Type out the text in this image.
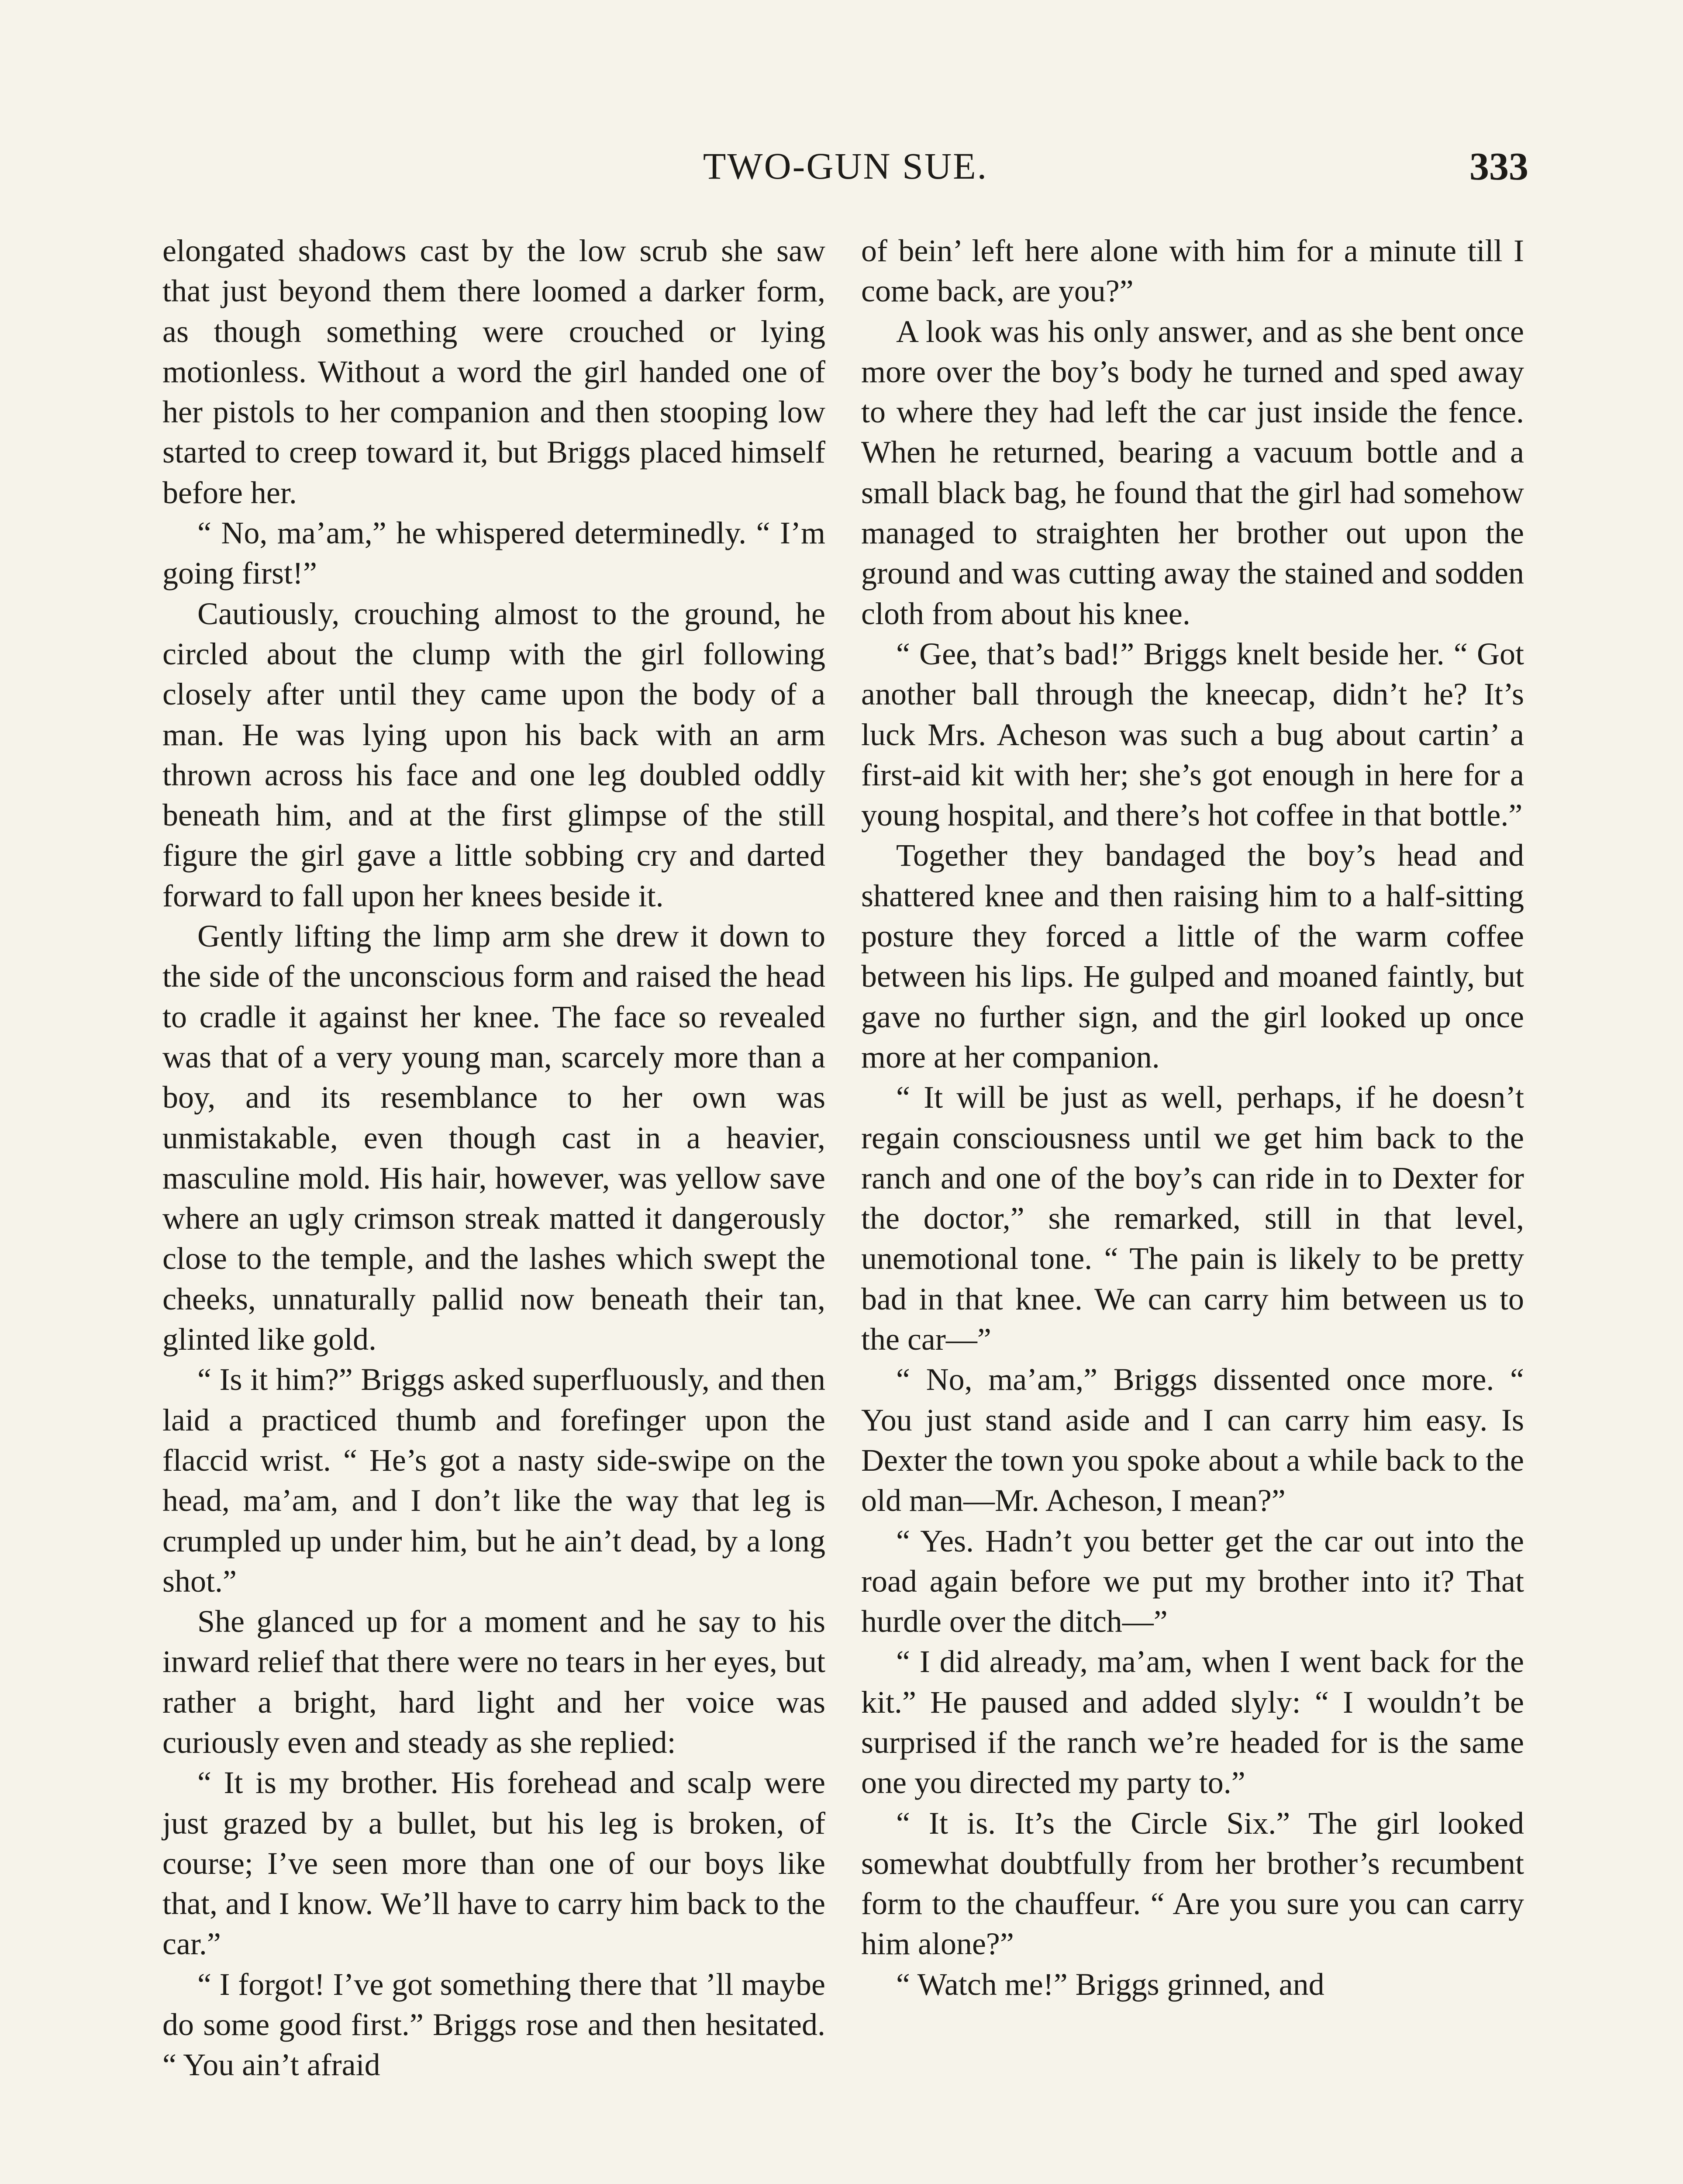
TWO-GUN SUE.	333

elongated shadows cast by the low scrub she saw that just beyond them there loomed a darker form, as though something were crouched or lying motionless. Without a word the girl handed one of her pistols to her companion and then stooping low started to creep toward it, but Briggs placed himself before her.

“ No, ma’am,” he whispered determinedly. “ I’m going first!”

Cautiously, crouching almost to the ground, he circled about the clump with the girl following closely after until they came upon the body of a man. He was lying upon his back with an arm thrown across his face and one leg doubled oddly beneath him, and at the first glimpse of the still figure the girl gave a little sobbing cry and darted forward to fall upon her knees beside it.

Gently lifting the limp arm she drew it down to the side of the unconscious form and raised the head to cradle it against her knee. The face so revealed was that of a very young man, scarcely more than a boy, and its resemblance to her own was unmistakable, even though cast in a heavier, masculine mold. His hair, however, was yellow save where an ugly crimson streak matted it dangerously close to the temple, and the lashes which swept the cheeks, unnaturally pallid now beneath their tan, glinted like gold.

“ Is it him?” Briggs asked superfluously, and then laid a practiced thumb and forefinger upon the flaccid wrist. “ He’s got a nasty side-swipe on the head, ma’am, and I don’t like the way that leg is crumpled up under him, but he ain’t dead, by a long shot.”

She glanced up for a moment and he say to his inward relief that there were no tears in her eyes, but rather a bright, hard light and her voice was curiously even and steady as she replied:

“ It is my brother. His forehead and scalp were just grazed by a bullet, but his leg is broken, of course; I’ve seen more than one of our boys like that, and I know. We’ll have to carry him back to the car.”

“ I forgot! I’ve got something there that ’ll maybe do some good first.” Briggs rose and then hesitated. “ You ain’t afraid

of bein’ left here alone with him for a minute till I come back, are you?”

A look was his only answer, and as she bent once more over the boy’s body he turned and sped away to where they had left the car just inside the fence. When he returned, bearing a vacuum bottle and a small black bag, he found that the girl had somehow managed to straighten her brother out upon the ground and was cutting away the stained and sodden cloth from about his knee.

“ Gee, that’s bad!” Briggs knelt beside her. “ Got another ball through the kneecap, didn’t he? It’s luck Mrs. Acheson was such a bug about cartin’ a first-aid kit with her; she’s got enough in here for a young hospital, and there’s hot coffee in that bottle.”

Together they bandaged the boy’s head and shattered knee and then raising him to a half-sitting posture they forced a little of the warm coffee between his lips. He gulped and moaned faintly, but gave no further sign, and the girl looked up once more at her companion.

“ It will be just as well, perhaps, if he doesn’t regain consciousness until we get him back to the ranch and one of the boy’s can ride in to Dexter for the doctor,” she remarked, still in that level, unemotional tone. “ The pain is likely to be pretty bad in that knee. We can carry him between us to the car—”

“ No, ma’am,” Briggs dissented once more. “ You just stand aside and I can carry him easy. Is Dexter the town you spoke about a while back to the old man—Mr. Acheson, I mean?”

“ Yes. Hadn’t you better get the car out into the road again before we put my brother into it? That hurdle over the ditch—”

“ I did already, ma’am, when I went back for the kit.” He paused and added slyly: “ I wouldn’t be surprised if the ranch we’re headed for is the same one you directed my party to.”

“ It is. It’s the Circle Six.” The girl looked somewhat doubtfully from her brother’s recumbent form to the chauffeur. “ Are you sure you can carry him alone?”

“ Watch me!” Briggs grinned, and
